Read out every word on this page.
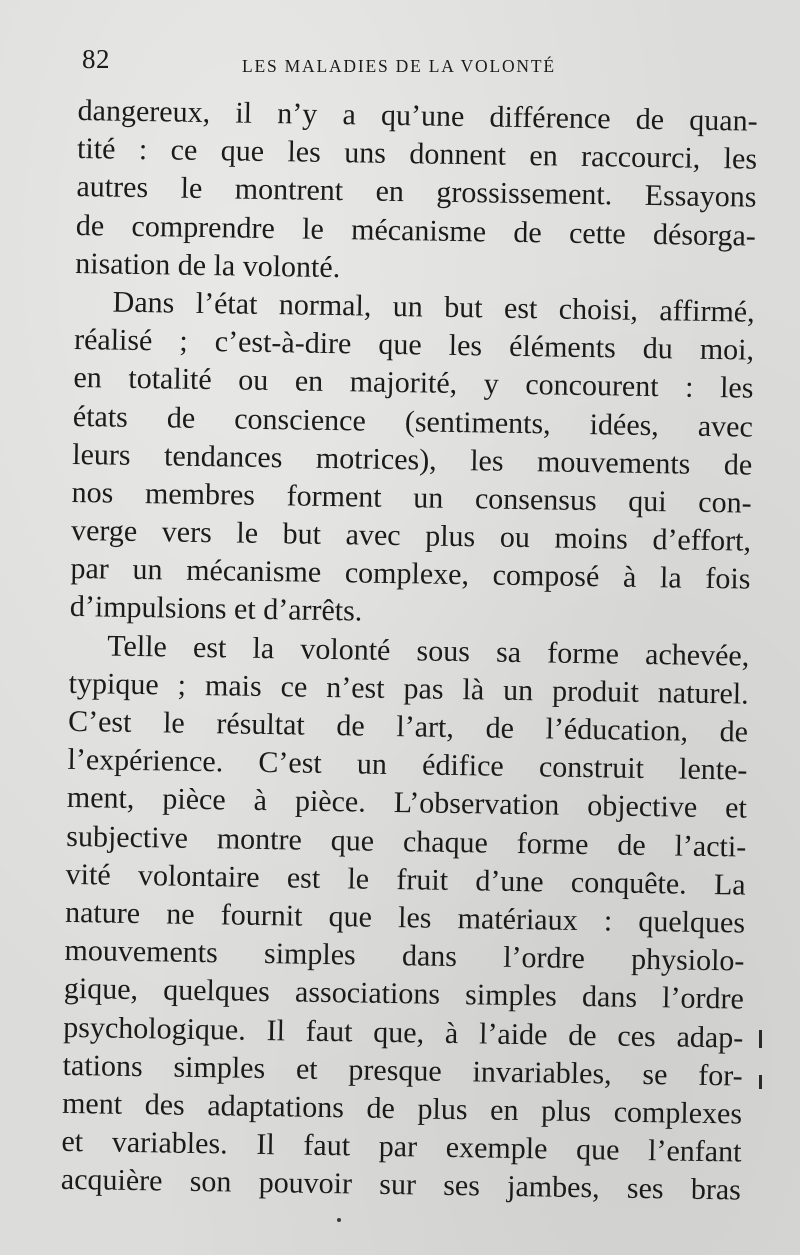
82	LES MALADIES DE LA VOLONTÉ
dangereux, il n’y a qu’une différence de quan-
tité : ce que les uns donnent en raccourci, les
autres le montrent en grossissement. Essayons
de comprendre le mécanisme de cette désorga-
nisation de la volonté.
Dans l’état normal, un but est choisi, affirmé,
réalisé ; c’est-à-dire que les éléments du moi,
en totalité ou en majorité, y concourent : les
états de conscience (sentiments, idées, avec
leurs tendances motrices), les mouvements de
nos membres forment un consensus qui con-
verge vers le but avec plus ou moins d’effort,
par un mécanisme complexe, composé à la fois
d’impulsions et d’arrêts.
Telle est la volonté sous sa forme achevée,
typique ; mais ce n’est pas là un produit naturel.
C’est le résultat de l’art, de l’éducation, de
l’expérience. C’est un édifice construit lente-
ment, pièce à pièce. L’observation objective et
subjective montre que chaque forme de l’acti-
vité volontaire est le fruit d’une conquête. La
nature ne fournit que les matériaux : quelques
mouvements simples dans l’ordre physiolo-
gique, quelques associations simples dans l’ordre
psychologique. Il faut que, à l’aide de ces adap-
tations simples et presque invariables, se for-
ment des adaptations de plus en plus complexes
et variables. Il faut par exemple que l’enfant
acquière son pouvoir sur ses jambes, ses bras
